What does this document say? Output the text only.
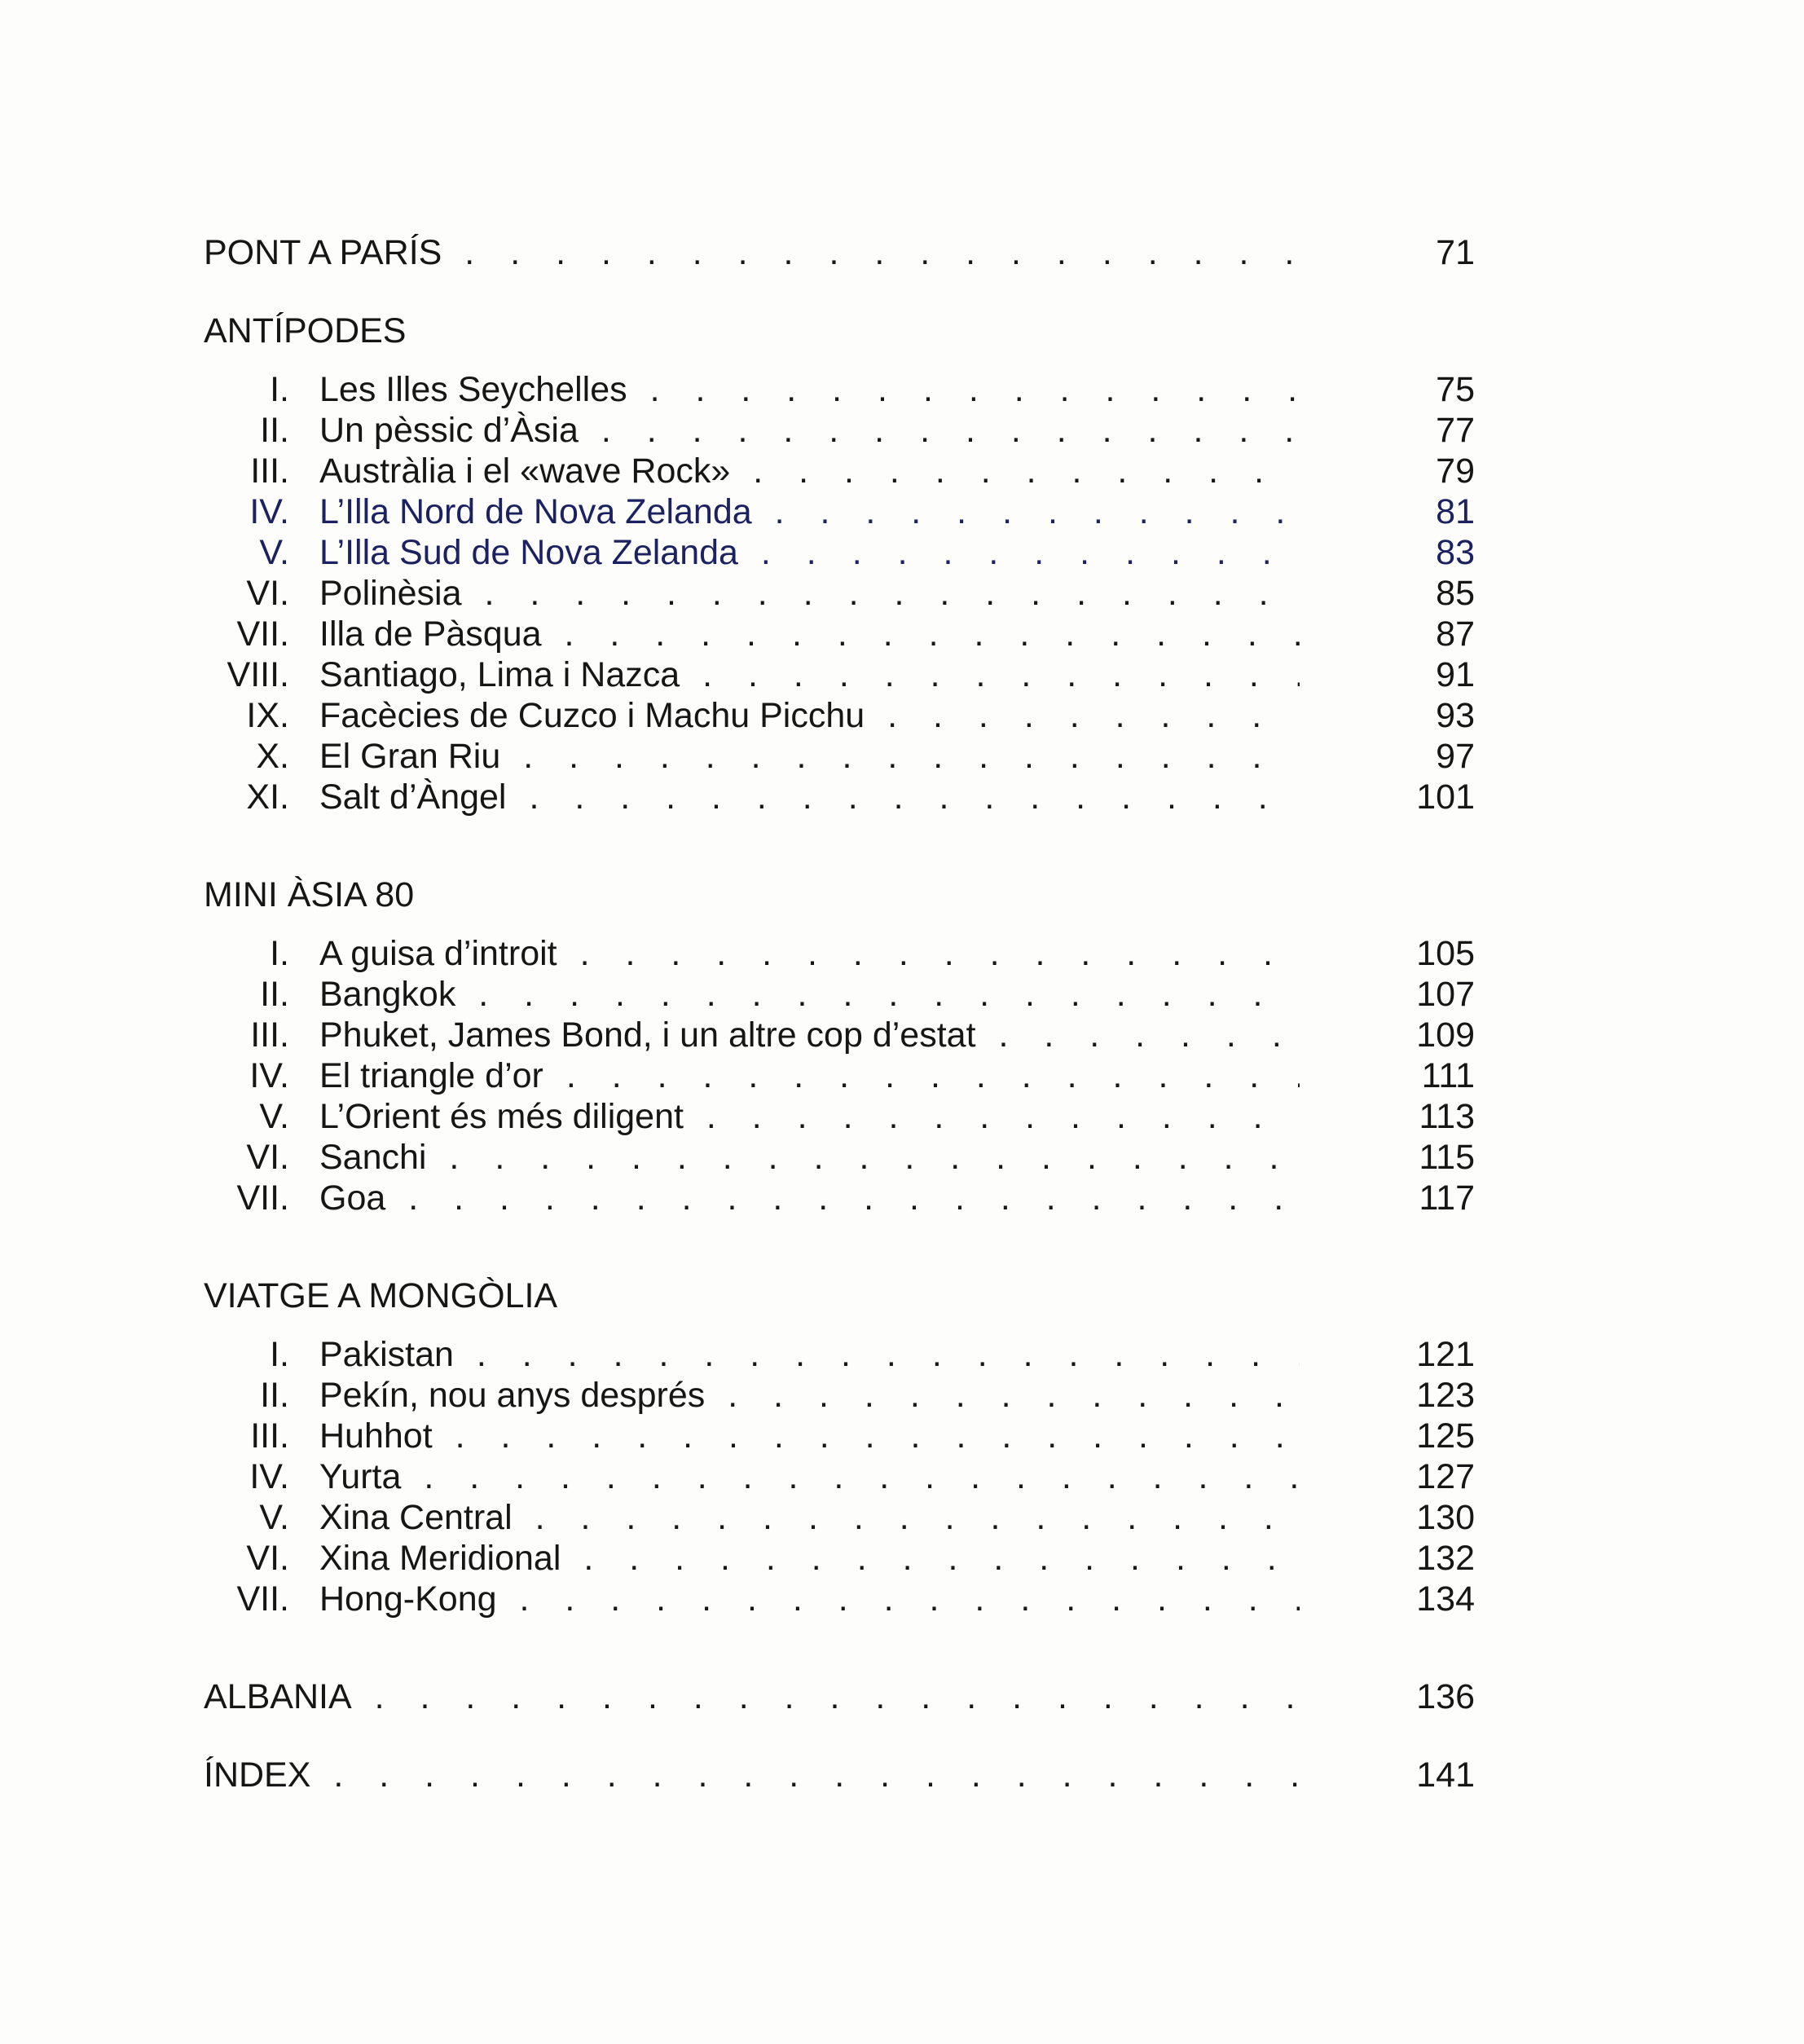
PONT A PARÍS . . .	71
ANTÍPODES
I. Les Illes Seychelles . . .	75
II. Un pèssic d’Àsia . . .	77
III. Austràlia i el «wave Rock» . . .	79
IV. L’Illa Nord de Nova Zelanda . . .	81
V. L’Illa Sud de Nova Zelanda . . .	83
VI. Polinèsia . . .	85
VII. Illa de Pàsqua . . .	87
VIII. Santiago, Lima i Nazca . . .	91
IX. Facècies de Cuzco i Machu Picchu . . .	93
X. El Gran Riu . . .	97
XI. Salt d’Àngel . . .	101
MINI ÀSIA 80
I. A guisa d’introit . . .	105
II. Bangkok . . .	107
III. Phuket, James Bond, i un altre cop d’estat . . .	109
IV. El triangle d’or . . .	111
V. L’Orient és més diligent . . .	113
VI. Sanchi . . .	115
VII. Goa . . .	117
VIATGE A MONGÒLIA
I. Pakistan . . .	121
II. Pekín, nou anys després . . .	123
III. Huhhot . . .	125
IV. Yurta . . .	127
V. Xina Central . . .	130
VI. Xina Meridional . . .	132
VII. Hong-Kong . . .	134
ALBANIA . . .	136
ÍNDEX . . .	141
